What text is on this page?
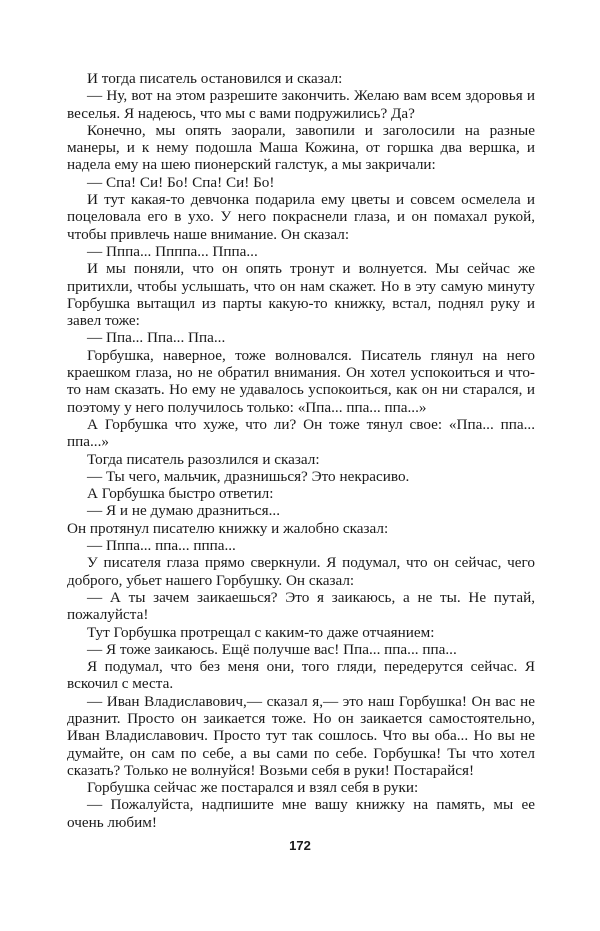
И тогда писатель остановился и сказал:

— Ну, вот на этом разрешите закончить. Желаю вам всем здоровья и веселья. Я надеюсь, что мы с вами подружились? Да?

Конечно, мы опять заорали, завопили и заголосили на разные манеры, и к нему подошла Маша Кожина, от горшка два вершка, и надела ему на шею пионерский галстук, а мы закричали:

— Спа! Си! Бо! Спа! Си! Бо!

И тут какая-то девчонка подарила ему цветы и совсем осмелела и поцеловала его в ухо. У него покраснели глаза, и он помахал рукой, чтобы привлечь наше внимание. Он сказал:

— Пппа... Ппппа... Пппа...

И мы поняли, что он опять тронут и волнуется. Мы сейчас же притихли, чтобы услышать, что он нам скажет. Но в эту самую минуту Горбушка вытащил из парты какую-то книжку, встал, поднял руку и завел тоже:

— Ппа... Ппа... Ппа...

Горбушка, наверное, тоже волновался. Писатель глянул на него краешком глаза, но не обратил внимания. Он хотел успокоиться и что-то нам сказать. Но ему не удавалось успокоиться, как он ни старался, и поэтому у него получилось только: «Ппа... ппа... ппа...»

А Горбушка что хуже, что ли? Он тоже тянул свое: «Ппа... ппа... ппа...»

Тогда писатель разозлился и сказал:

— Ты чего, мальчик, дразнишься? Это некрасиво.

А Горбушка быстро ответил:

— Я и не думаю дразниться...

Он протянул писателю книжку и жалобно сказал:

— Пппа... ппа... пппа...

У писателя глаза прямо сверкнули. Я подумал, что он сейчас, чего доброго, убьет нашего Горбушку. Он сказал:

— А ты зачем заикаешься? Это я заикаюсь, а не ты. Не путай, пожалуйста!

Тут Горбушка протрещал с каким-то даже отчаянием:

— Я тоже заикаюсь. Ещё получше вас! Ппа... ппа... ппа...

Я подумал, что без меня они, того гляди, передерутся сейчас. Я вскочил с места.

— Иван Владиславович,— сказал я,— это наш Горбушка! Он вас не дразнит. Просто он заикается тоже. Но он заикается самостоятельно, Иван Владиславович. Просто тут так сошлось. Что вы оба... Но вы не думайте, он сам по себе, а вы сами по себе. Горбушка! Ты что хотел сказать? Только не волнуйся! Возьми себя в руки! Постарайся!

Горбушка сейчас же постарался и взял себя в руки:

— Пожалуйста, надпишите мне вашу книжку на память, мы ее очень любим!

172
